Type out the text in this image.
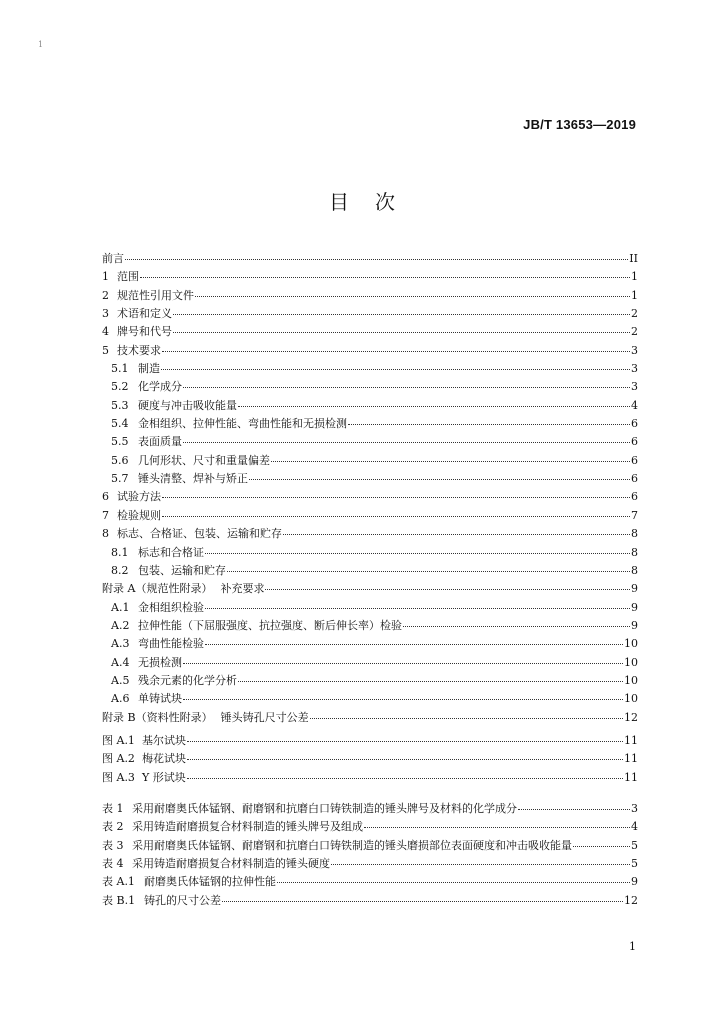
1
JB/T 13653—2019
目次
前言	II
1 范围	1
2 规范性引用文件	1
3 术语和定义	2
4 牌号和代号	2
5 技术要求	3
5.1 制造	3
5.2 化学成分	3
5.3 硬度与冲击吸收能量	4
5.4 金相组织、拉伸性能、弯曲性能和无损检测	6
5.5 表面质量	6
5.6 几何形状、尺寸和重量偏差	6
5.7 锤头清整、焊补与矫正	6
6 试验方法	6
7 检验规则	7
8 标志、合格证、包装、运输和贮存	8
8.1 标志和合格证	8
8.2 包装、运输和贮存	8
附录 A（规范性附录） 补充要求	9
A.1 金相组织检验	9
A.2 拉伸性能（下屈服强度、抗拉强度、断后伸长率）检验	9
A.3 弯曲性能检验	10
A.4 无损检测	10
A.5 残余元素的化学分析	10
A.6 单铸试块	10
附录 B（资料性附录） 锤头铸孔尺寸公差	12
图 A.1 基尔试块	11
图 A.2 梅花试块	11
图 A.3 Y 形试块	11
表 1 采用耐磨奥氏体锰钢、耐磨钢和抗磨白口铸铁制造的锤头牌号及材料的化学成分	3
表 2 采用铸造耐磨损复合材料制造的锤头牌号及组成	4
表 3 采用耐磨奥氏体锰钢、耐磨钢和抗磨白口铸铁制造的锤头磨损部位表面硬度和冲击吸收能量	5
表 4 采用铸造耐磨损复合材料制造的锤头硬度	5
表 A.1 耐磨奥氏体锰钢的拉伸性能	9
表 B.1 铸孔的尺寸公差	12
1
